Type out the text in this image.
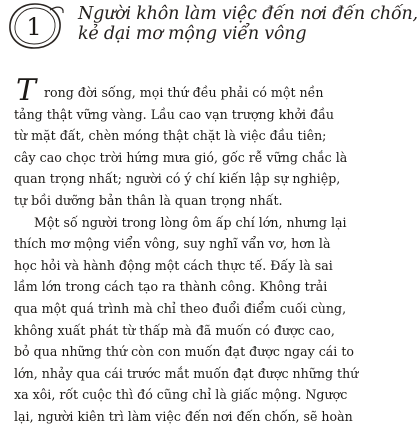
1 Người khôn làm việc đến nơi đến chốn,
kẻ dại mơ mộng viển vông
T rong đời sống, mọi thứ đều phải có một nền
tảng thật vững vàng. Lầu cao vạn trượng khởi đầu
từ mặt đất, chèn móng thật chặt là việc đầu tiên;
cây cao chọc trời hứng mưa gió, gốc rễ vững chắc là
quan trọng nhất; người có ý chí kiến lập sự nghiệp,
tự bồi dưỡng bản thân là quan trọng nhất.
Một số người trong lòng ôm ấp chí lớn, nhưng lại
thích mơ mộng viển vông, suy nghĩ vẩn vơ, hơn là
học hỏi và hành động một cách thực tế. Đấy là sai
lầm lớn trong cách tạo ra thành công. Không trải
qua một quá trình mà chỉ theo đuổi điểm cuối cùng,
không xuất phát từ thấp mà đã muốn có được cao,
bỏ qua những thứ còn con muốn đạt được ngay cái to
lớn, nhảy qua cái trước mắt muốn đạt được những thứ
xa xôi, rốt cuộc thì đó cũng chỉ là giấc mộng. Ngược
lại, người kiên trì làm việc đến nơi đến chốn, sẽ hoàn
